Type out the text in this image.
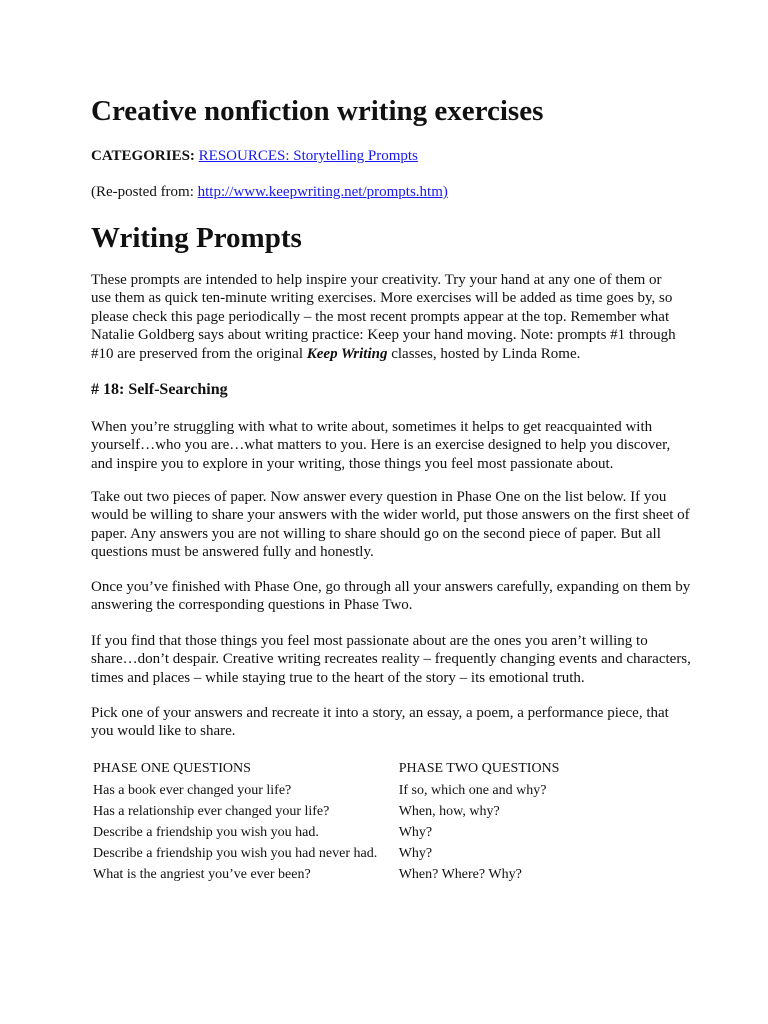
Creative nonfiction writing exercises

CATEGORIES: RESOURCES: Storytelling Prompts

(Re-posted from: http://www.keepwriting.net/prompts.htm)

Writing Prompts

These prompts are intended to help inspire your creativity. Try your hand at any one of them or use them as quick ten-minute writing exercises. More exercises will be added as time goes by, so please check this page periodically – the most recent prompts appear at the top. Remember what Natalie Goldberg says about writing practice: Keep your hand moving. Note: prompts #1 through #10 are preserved from the original Keep Writing classes, hosted by Linda Rome.

# 18: Self-Searching

When you’re struggling with what to write about, sometimes it helps to get reacquainted with yourself…who you are…what matters to you. Here is an exercise designed to help you discover, and inspire you to explore in your writing, those things you feel most passionate about.

Take out two pieces of paper. Now answer every question in Phase One on the list below. If you would be willing to share your answers with the wider world, put those answers on the first sheet of paper. Any answers you are not willing to share should go on the second piece of paper. But all questions must be answered fully and honestly.

Once you’ve finished with Phase One, go through all your answers carefully, expanding on them by answering the corresponding questions in Phase Two.

If you find that those things you feel most passionate about are the ones you aren’t willing to share…don’t despair. Creative writing recreates reality – frequently changing events and characters, times and places – while staying true to the heart of the story – its emotional truth.

Pick one of your answers and recreate it into a story, an essay, a poem, a performance piece, that you would like to share.

PHASE ONE QUESTIONS	PHASE TWO QUESTIONS
Has a book ever changed your life?	If so, which one and why?
Has a relationship ever changed your life?	When, how, why?
Describe a friendship you wish you had.	Why?
Describe a friendship you wish you had never had.	Why?
What is the angriest you’ve ever been?	When? Where? Why?
